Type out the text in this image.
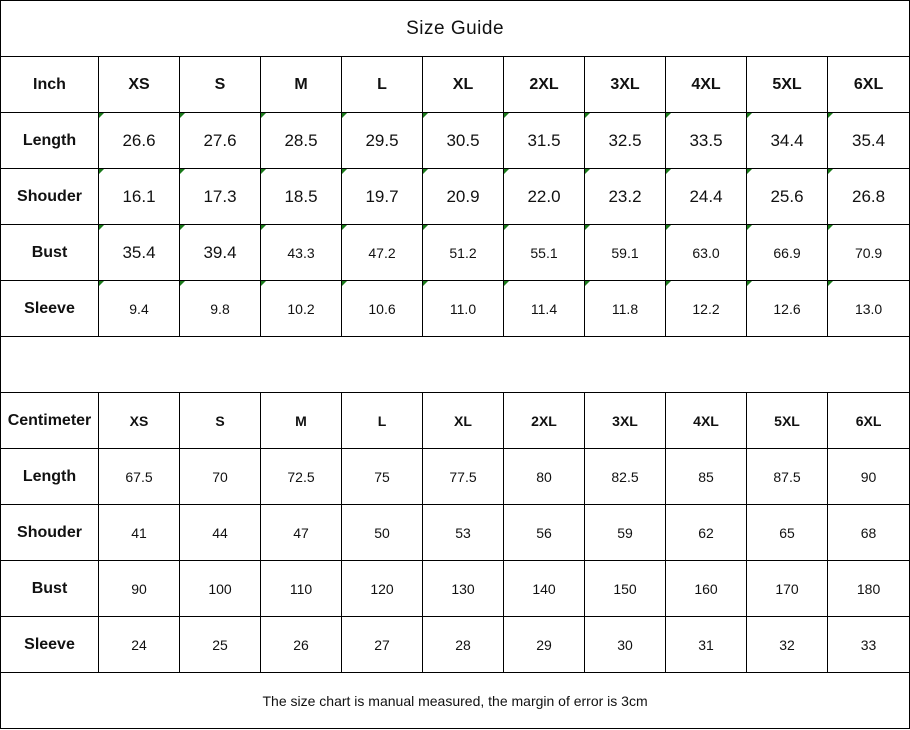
Size Guide										
Inch	XS	S	M	L	XL	2XL	3XL	4XL	5XL	6XL
Length	26.6	27.6	28.5	29.5	30.5	31.5	32.5	33.5	34.4	35.4
Shouder	16.1	17.3	18.5	19.7	20.9	22.0	23.2	24.4	25.6	26.8
Bust	35.4	39.4	43.3	47.2	51.2	55.1	59.1	63.0	66.9	70.9
Sleeve	9.4	9.8	10.2	10.6	11.0	11.4	11.8	12.2	12.6	13.0

Centimeter	XS	S	M	L	XL	2XL	3XL	4XL	5XL	6XL
Length	67.5	70	72.5	75	77.5	80	82.5	85	87.5	90
Shouder	41	44	47	50	53	56	59	62	65	68
Bust	90	100	110	120	130	140	150	160	170	180
Sleeve	24	25	26	27	28	29	30	31	32	33
The size chart is manual measured, the margin of error is 3cm										
